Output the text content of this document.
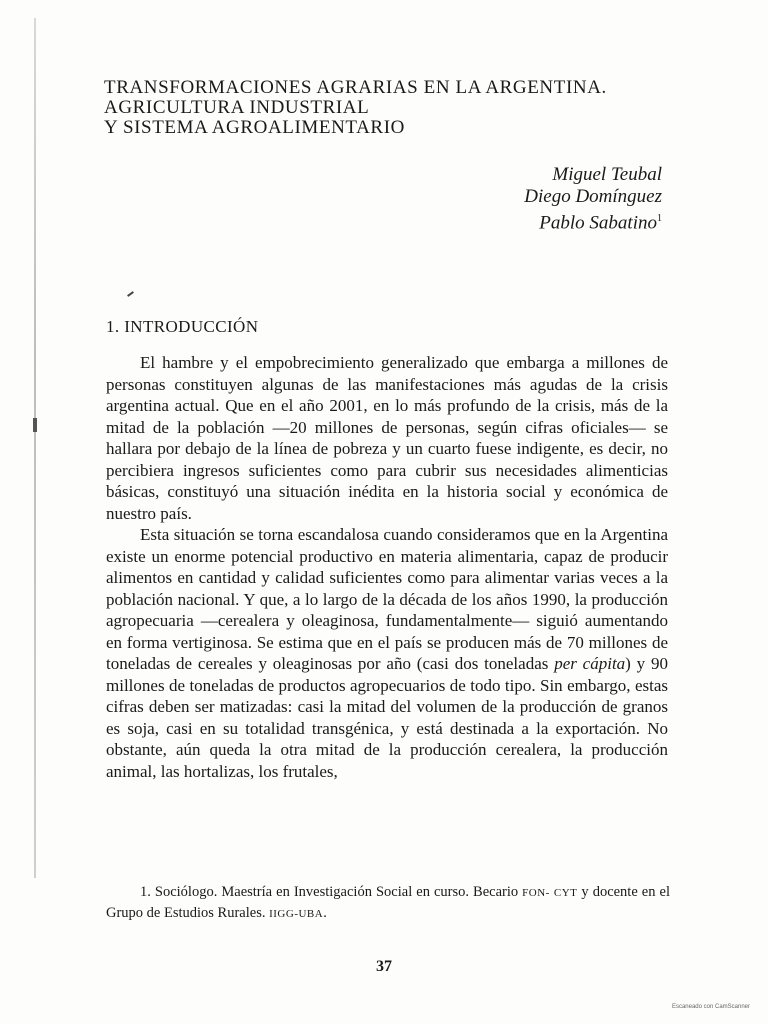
TRANSFORMACIONES AGRARIAS EN LA ARGENTINA.
AGRICULTURA INDUSTRIAL
Y SISTEMA AGROALIMENTARIO
Miguel Teubal
Diego Domínguez
Pablo Sabatino$^1$
1. INTRODUCCIÓN

El hambre y el empobrecimiento generalizado que embarga a millones de personas constituyen algunas de las manifestaciones más agudas de la crisis argentina actual. Que en el año 2001, en lo más profundo de la crisis, más de la mitad de la población —20 millones de personas, según cifras oficiales— se hallara por debajo de la línea de pobreza y un cuarto fuese indigente, es decir, no percibiera ingresos suficientes como para cubrir sus necesidades alimenticias básicas, constituyó una situación inédita en la historia social y económica de nuestro país.

Esta situación se torna escandalosa cuando consideramos que en la Argentina existe un enorme potencial productivo en materia alimentaria, capaz de producir alimentos en cantidad y calidad suficientes como para alimentar varias veces a la población nacional. Y que, a lo largo de la década de los años 1990, la producción agropecuaria —cerealera y oleaginosa, fundamentalmente— siguió aumentando en forma vertiginosa. Se estima que en el país se producen más de 70 millones de toneladas de cereales y oleaginosas por año (casi dos toneladas per cápita) y 90 millones de toneladas de productos agropecuarios de todo tipo. Sin embargo, estas cifras deben ser matizadas: casi la mitad del volumen de la producción de granos es soja, casi en su totalidad transgénica, y está destinada a la exportación. No obstante, aún queda la otra mitad de la producción cerealera, la producción animal, las hortalizas, los frutales,

1. Sociólogo. Maestría en Investigación Social en curso. Becario FON- CYT y docente en el Grupo de Estudios Rurales. IIGG-UBA.

37
Escaneado con CamScanner
